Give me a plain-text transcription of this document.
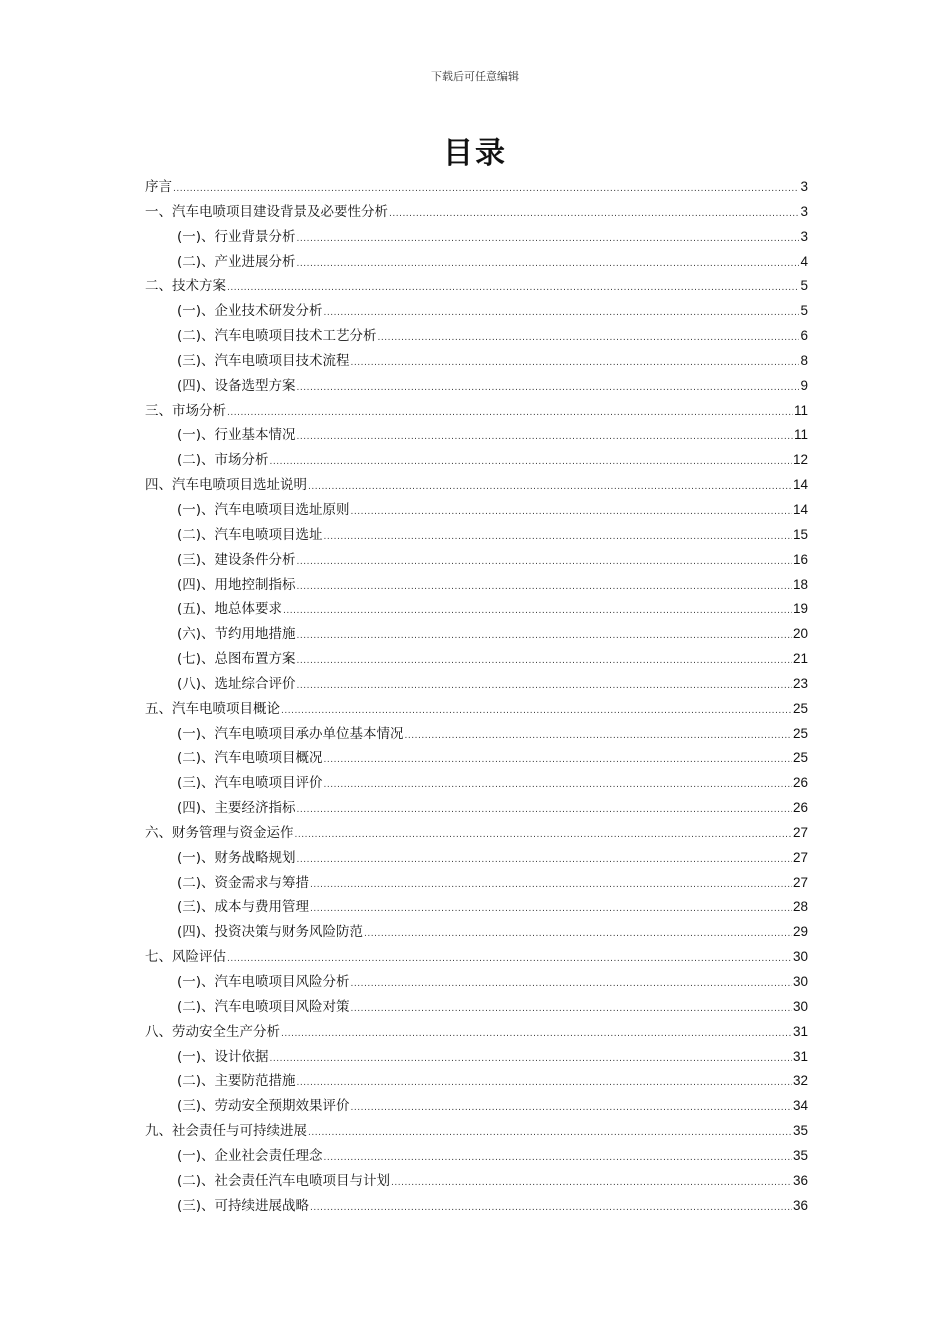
下载后可任意编辑
目录
序言 .....	3
一、汽车电喷项目建设背景及必要性分析 .....	3
(一)、行业背景分析 .....	3
(二)、产业进展分析 .....	4
二、技术方案 .....	5
(一)、企业技术研发分析 .....	5
(二)、汽车电喷项目技术工艺分析 .....	6
(三)、汽车电喷项目技术流程 .....	8
(四)、设备选型方案 .....	9
三、市场分析 .....	11
(一)、行业基本情况 .....	11
(二)、市场分析 .....	12
四、汽车电喷项目选址说明 .....	14
(一)、汽车电喷项目选址原则 .....	14
(二)、汽车电喷项目选址 .....	15
(三)、建设条件分析 .....	16
(四)、用地控制指标 .....	18
(五)、地总体要求 .....	19
(六)、节约用地措施 .....	20
(七)、总图布置方案 .....	21
(八)、选址综合评价 .....	23
五、汽车电喷项目概论 .....	25
(一)、汽车电喷项目承办单位基本情况 .....	25
(二)、汽车电喷项目概况 .....	25
(三)、汽车电喷项目评价 .....	26
(四)、主要经济指标 .....	26
六、财务管理与资金运作 .....	27
(一)、财务战略规划 .....	27
(二)、资金需求与筹措 .....	27
(三)、成本与费用管理 .....	28
(四)、投资决策与财务风险防范 .....	29
七、风险评估 .....	30
(一)、汽车电喷项目风险分析 .....	30
(二)、汽车电喷项目风险对策 .....	30
八、劳动安全生产分析 .....	31
(一)、设计依据 .....	31
(二)、主要防范措施 .....	32
(三)、劳动安全预期效果评价 .....	34
九、社会责任与可持续进展 .....	35
(一)、企业社会责任理念 .....	35
(二)、社会责任汽车电喷项目与计划 .....	36
(三)、可持续进展战略 .....	36
